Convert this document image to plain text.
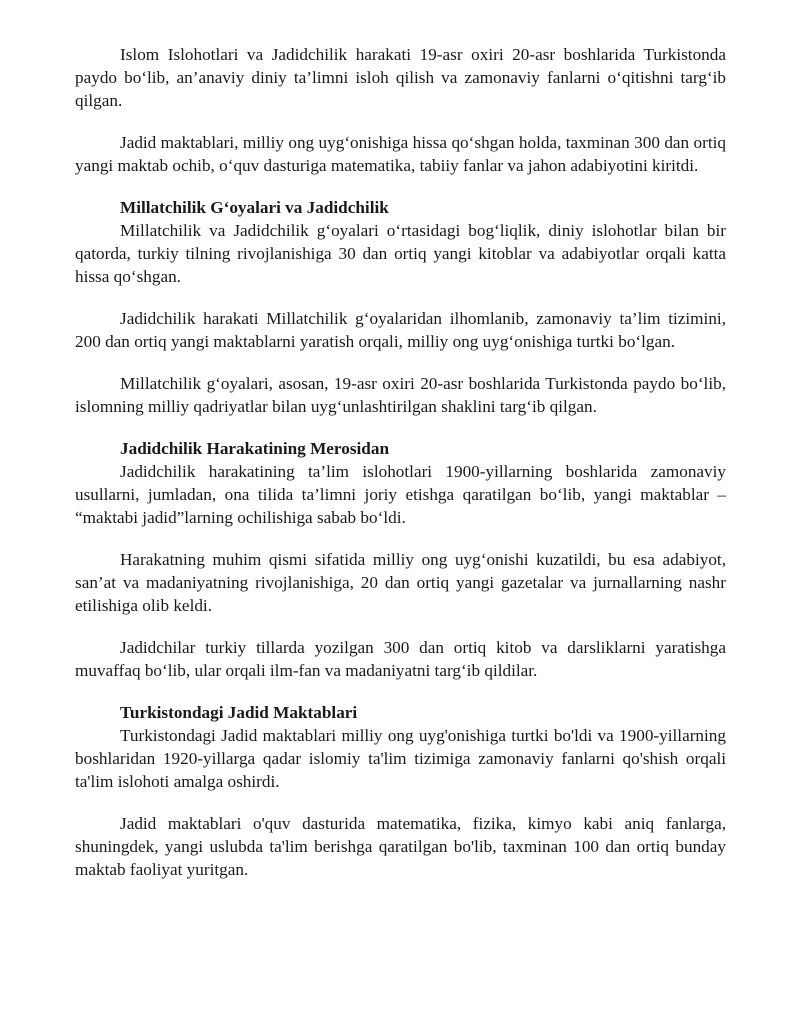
Islom Islohotlari va Jadidchilik harakati 19-asr oxiri 20-asr boshlarida Turkistonda paydo bo‘lib, an’anaviy diniy ta’limni isloh qilish va zamonaviy fanlarni o‘qitishni targ‘ib qilgan.

Jadid maktablari, milliy ong uyg‘onishiga hissa qo‘shgan holda, taxminan 300 dan ortiq yangi maktab ochib, o‘quv dasturiga matematika, tabiiy fanlar va jahon adabiyotini kiritdi.

Millatchilik G‘oyalari va Jadidchilik

Millatchilik va Jadidchilik g‘oyalari o‘rtasidagi bog‘liqlik, diniy islohotlar bilan bir qatorda, turkiy tilning rivojlanishiga 30 dan ortiq yangi kitoblar va adabiyotlar orqali katta hissa qo‘shgan.

Jadidchilik harakati Millatchilik g‘oyalaridan ilhomlanib, zamonaviy ta’lim tizimini, 200 dan ortiq yangi maktablarni yaratish orqali, milliy ong uyg‘onishiga turtki bo‘lgan.

Millatchilik g‘oyalari, asosan, 19-asr oxiri 20-asr boshlarida Turkistonda paydo bo‘lib, islomning milliy qadriyatlar bilan uyg‘unlashtirilgan shaklini targ‘ib qilgan.

Jadidchilik Harakatining Merosidan

Jadidchilik harakatining ta’lim islohotlari 1900-yillarning boshlarida zamonaviy usullarni, jumladan, ona tilida ta’limni joriy etishga qaratilgan bo‘lib, yangi maktablar – “maktabi jadid”larning ochilishiga sabab bo‘ldi.

Harakatning muhim qismi sifatida milliy ong uyg‘onishi kuzatildi, bu esa adabiyot, san’at va madaniyatning rivojlanishiga, 20 dan ortiq yangi gazetalar va jurnallarning nashr etilishiga olib keldi.

Jadidchilar turkiy tillarda yozilgan 300 dan ortiq kitob va darsliklarni yaratishga muvaffaq bo‘lib, ular orqali ilm-fan va madaniyatni targ‘ib qildilar.

Turkistondagi Jadid Maktablari

Turkistondagi Jadid maktablari milliy ong uyg'onishiga turtki bo'ldi va 1900-yillarning boshlaridan 1920-yillarga qadar islomiy ta'lim tizimiga zamonaviy fanlarni qo'shish orqali ta'lim islohoti amalga oshirdi.

Jadid maktablari o'quv dasturida matematika, fizika, kimyo kabi aniq fanlarga, shuningdek, yangi uslubda ta'lim berishga qaratilgan bo'lib, taxminan 100 dan ortiq bunday maktab faoliyat yuritgan.
